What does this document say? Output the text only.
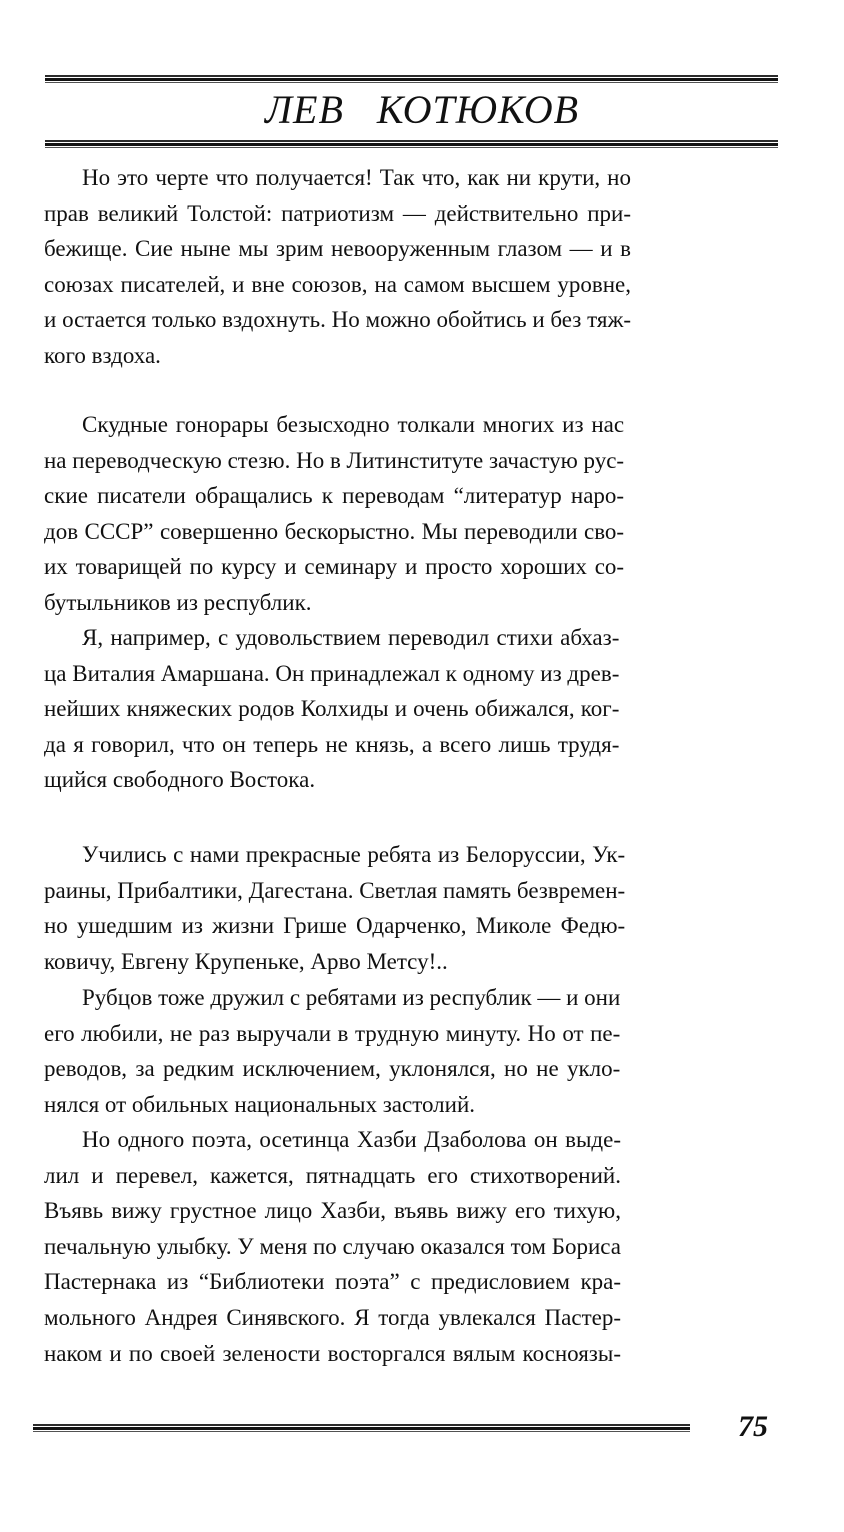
ЛЕВ КОТЮКОВ
Но это черте что получается! Так что, как ни крути, но
прав великий Толстой: патриотизм — действительно при-
бежище. Сие ныне мы зрим невооруженным глазом — и в
союзах писателей, и вне союзов, на самом высшем уровне,
и остается только вздохнуть. Но можно обойтись и без тяж-
кого вздоха.
Скудные гонорары безысходно толкали многих из нас
на переводческую стезю. Но в Литинституте зачастую рус-
ские писатели обращались к переводам “литератур наро-
дов СССР” совершенно бескорыстно. Мы переводили сво-
их товарищей по курсу и семинару и просто хороших со-
бутыльников из республик.
Я, например, с удовольствием переводил стихи абхаз-
ца Виталия Амаршана. Он принадлежал к одному из древ-
нейших княжеских родов Колхиды и очень обижался, ког-
да я говорил, что он теперь не князь, а всего лишь трудя-
щийся свободного Востока.
Учились с нами прекрасные ребята из Белоруссии, Ук-
раины, Прибалтики, Дагестана. Светлая память безвремен-
но ушедшим из жизни Грише Одарченко, Миколе Федю-
ковичу, Евгену Крупеньке, Арво Метсу!..
Рубцов тоже дружил с ребятами из республик — и они
его любили, не раз выручали в трудную минуту. Но от пе-
реводов, за редким исключением, уклонялся, но не укло-
нялся от обильных национальных застолий.
Но одного поэта, осетинца Хазби Дзаболова он выде-
лил и перевел, кажется, пятнадцать его стихотворений.
Въявь вижу грустное лицо Хазби, въявь вижу его тихую,
печальную улыбку. У меня по случаю оказался том Бориса
Пастернака из “Библиотеки поэта” с предисловием кра-
мольного Андрея Синявского. Я тогда увлекался Пастер-
наком и по своей зелености восторгался вялым косноязы-
75
